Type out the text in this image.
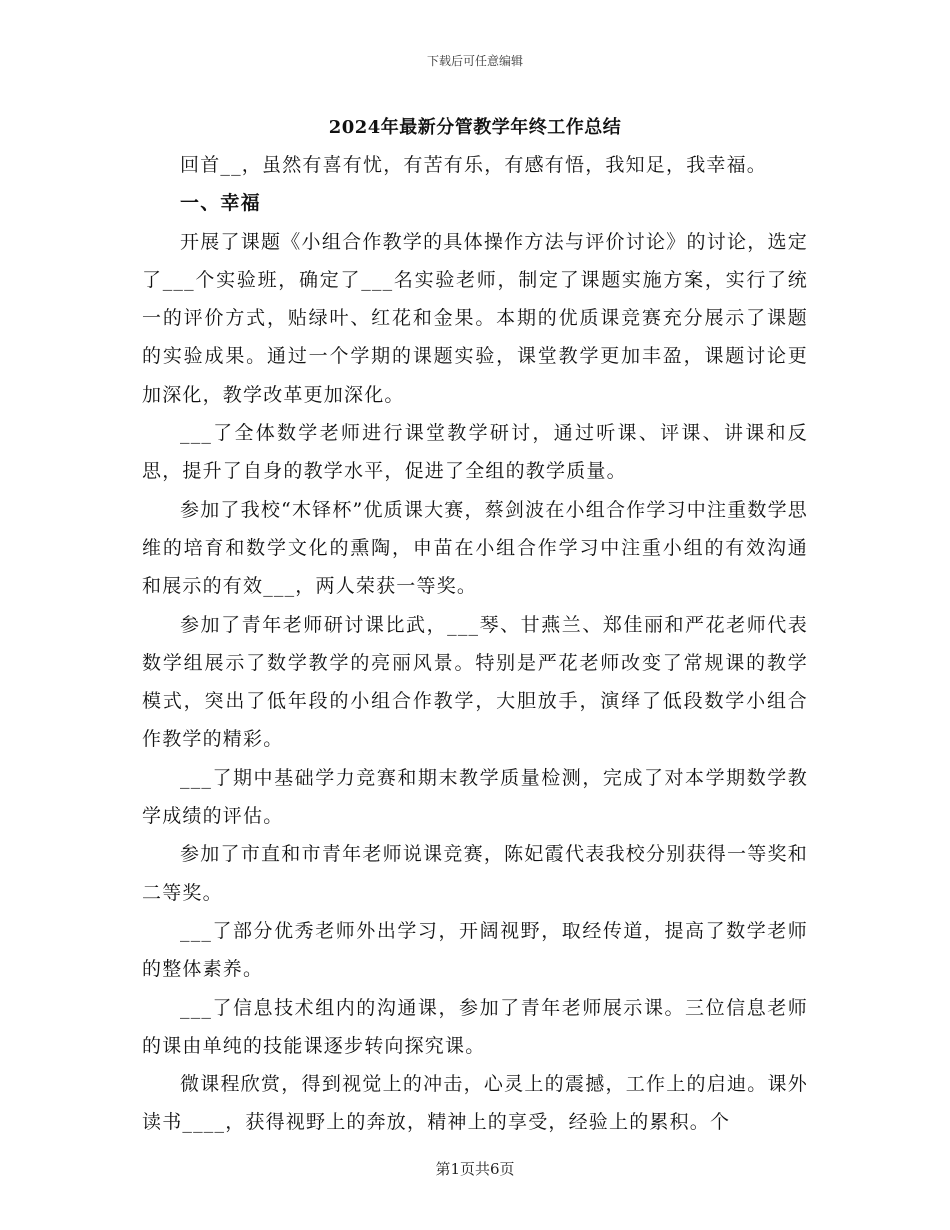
下载后可任意编辑
2024年最新分管教学年终工作总结

回首__，虽然有喜有忧，有苦有乐，有感有悟，我知足，我幸福。

一、幸福

开展了课题《小组合作教学的具体操作方法与评价讨论》的讨论，选定了___个实验班，确定了___名实验老师，制定了课题实施方案，实行了统一的评价方式，贴绿叶、红花和金果。本期的优质课竞赛充分展示了课题的实验成果。通过一个学期的课题实验，课堂教学更加丰盈，课题讨论更加深化，教学改革更加深化。

___了全体数学老师进行课堂教学研讨，通过听课、评课、讲课和反思，提升了自身的教学水平，促进了全组的教学质量。

参加了我校“木铎杯”优质课大赛，蔡剑波在小组合作学习中注重数学思维的培育和数学文化的熏陶，申苗在小组合作学习中注重小组的有效沟通和展示的有效___，两人荣获一等奖。

参加了青年老师研讨课比武，___琴、甘燕兰、郑佳丽和严花老师代表数学组展示了数学教学的亮丽风景。特别是严花老师改变了常规课的教学模式，突出了低年段的小组合作教学，大胆放手，演绎了低段数学小组合作教学的精彩。

___了期中基础学力竞赛和期末教学质量检测，完成了对本学期数学教学成绩的评估。

参加了市直和市青年老师说课竞赛，陈妃霞代表我校分别获得一等奖和二等奖。

___了部分优秀老师外出学习，开阔视野，取经传道，提高了数学老师的整体素养。

___了信息技术组内的沟通课，参加了青年老师展示课。三位信息老师的课由单纯的技能课逐步转向探究课。

微课程欣赏，得到视觉上的冲击，心灵上的震撼，工作上的启迪。课外读书____，获得视野上的奔放，精神上的享受，经验上的累积。个

第1页共6页
